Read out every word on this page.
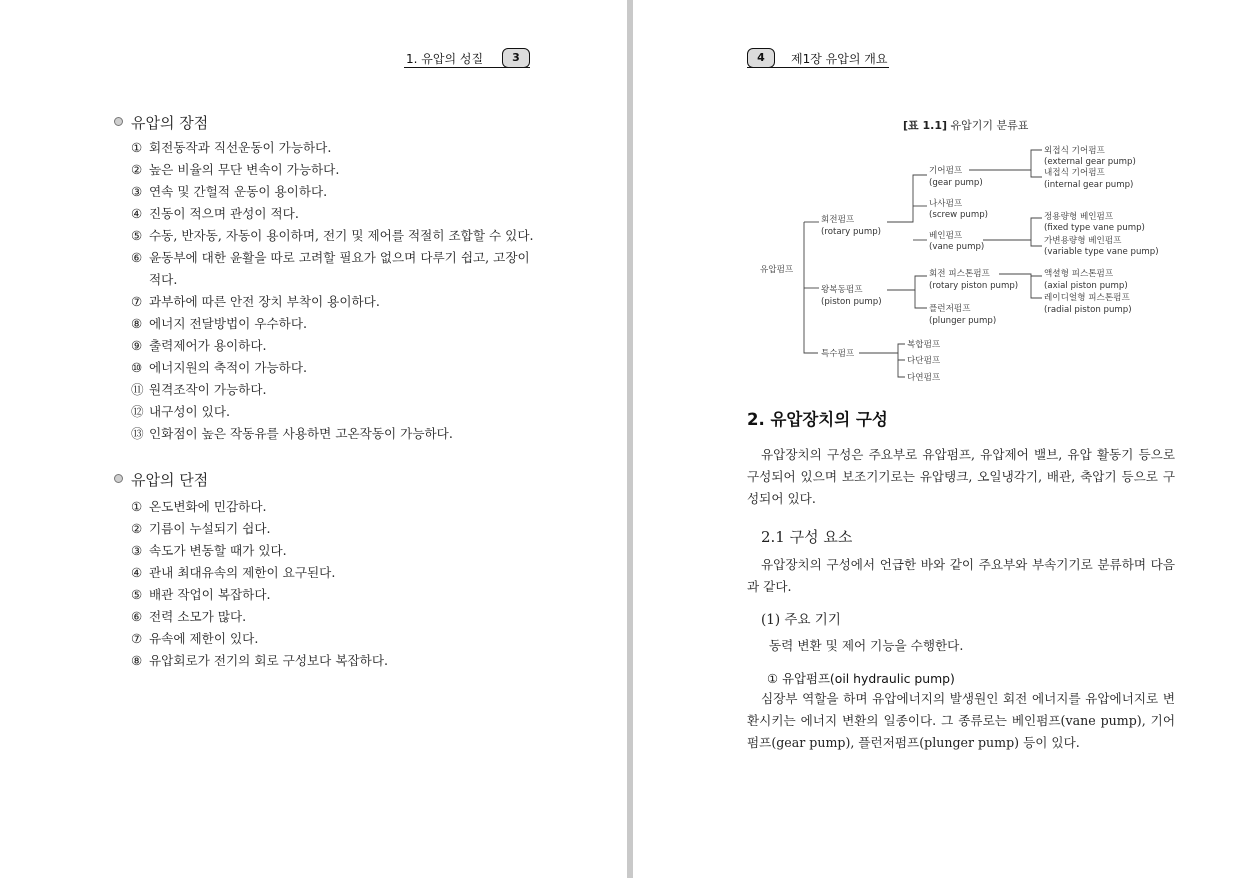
1. 유압의 성질	3
유압의 장점
① 회전동작과 직선운동이 가능하다.
② 높은 비율의 무단 변속이 가능하다.
③ 연속 및 간헐적 운동이 용이하다.
④ 진동이 적으며 관성이 적다.
⑤ 수동, 반자동, 자동이 용이하며, 전기 및 제어를 적절히 조합할 수 있다.
⑥ 윤동부에 대한 윤활을 따로 고려할 필요가 없으며 다루기 쉽고, 고장이
적다.
⑦ 과부하에 따른 안전 장치 부착이 용이하다.
⑧ 에너지 전달방법이 우수하다.
⑨ 출력제어가 용이하다.
⑩ 에너지원의 축적이 가능하다.
⑪ 원격조작이 가능하다.
⑫ 내구성이 있다.
⑬ 인화점이 높은 작동유를 사용하면 고온작동이 가능하다.
유압의 단점
① 온도변화에 민감하다.
② 기름이 누설되기 쉽다.
③ 속도가 변동할 때가 있다.
④ 관내 최대유속의 제한이 요구된다.
⑤ 배관 작업이 복잡하다.
⑥ 전력 소모가 많다.
⑦ 유속에 제한이 있다.
⑧ 유압회로가 전기의 회로 구성보다 복잡하다.
4	제1장 유압의 개요
[표 1.1] 유압기기 분류표
유압펌프
회전펌프
(rotary pump)
왕복동펌프
(piston pump)
특수펌프
기어펌프
(gear pump)
나사펌프
(screw pump)
베인펌프
(vane pump)
외접식 기어펌프
(external gear pump)
내접식 기어펌프
(internal gear pump)
정용량형 베인펌프
(fixed type vane pump)
가변용량형 베인펌프
(variable type vane pump)
회전 피스톤펌프
(rotary piston pump)
플런저펌프
(plunger pump)
액셜형 피스톤펌프
(axial piston pump)
레이디얼형 피스톤펌프
(radial piston pump)
복합펌프
다단펌프
다연펌프
2. 유압장치의 구성
유압장치의 구성은 주요부로 유압펌프, 유압제어 밸브, 유압 활동기 등으로 구성되어 있으며 보조기기로는 유압탱크, 오일냉각기, 배관, 축압기 등으로 구성되어 있다.
2.1 구성 요소
유압장치의 구성에서 언급한 바와 같이 주요부와 부속기기로 분류하며 다음과 같다.
(1) 주요 기기
동력 변환 및 제어 기능을 수행한다.
① 유압펌프(oil hydraulic pump)
심장부 역할을 하며 유압에너지의 발생원인 회전 에너지를 유압에너지로 변환시키는 에너지 변환의 일종이다. 그 종류로는 베인펌프(vane pump), 기어 펌프(gear pump), 플런저펌프(plunger pump) 등이 있다.
